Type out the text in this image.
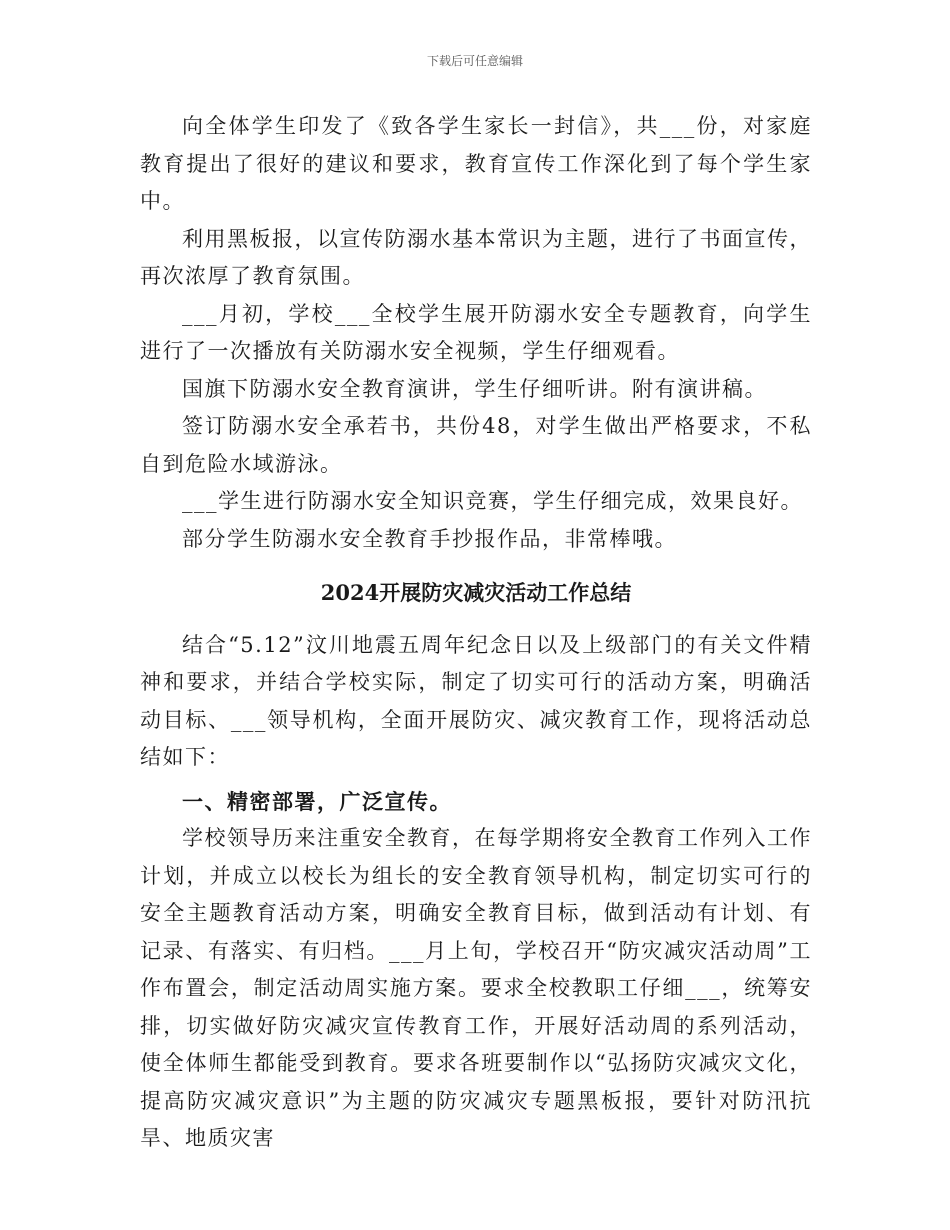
下载后可任意编辑

向全体学生印发了《致各学生家长一封信》，共___份，对家庭教育提出了很好的建议和要求，教育宣传工作深化到了每个学生家中。

利用黑板报，以宣传防溺水基本常识为主题，进行了书面宣传，再次浓厚了教育氛围。

___月初，学校___全校学生展开防溺水安全专题教育，向学生进行了一次播放有关防溺水安全视频，学生仔细观看。

国旗下防溺水安全教育演讲，学生仔细听讲。附有演讲稿。

签订防溺水安全承若书，共份48，对学生做出严格要求，不私自到危险水域游泳。

___学生进行防溺水安全知识竞赛，学生仔细完成，效果良好。

部分学生防溺水安全教育手抄报作品，非常棒哦。

2024开展防灾减灾活动工作总结

结合“5.12”汶川地震五周年纪念日以及上级部门的有关文件精神和要求，并结合学校实际，制定了切实可行的活动方案，明确活动目标、___领导机构，全面开展防灾、减灾教育工作，现将活动总结如下：

一、精密部署，广泛宣传。

学校领导历来注重安全教育，在每学期将安全教育工作列入工作计划，并成立以校长为组长的安全教育领导机构，制定切实可行的安全主题教育活动方案，明确安全教育目标，做到活动有计划、有记录、有落实、有归档。___月上旬，学校召开“防灾减灾活动周”工作布置会，制定活动周实施方案。要求全校教职工仔细___，统筹安排，切实做好防灾减灾宣传教育工作，开展好活动周的系列活动，使全体师生都能受到教育。要求各班要制作以“弘扬防灾减灾文化，提高防灾减灾意识”为主题的防灾减灾专题黑板报，要针对防汛抗旱、地质灾害
